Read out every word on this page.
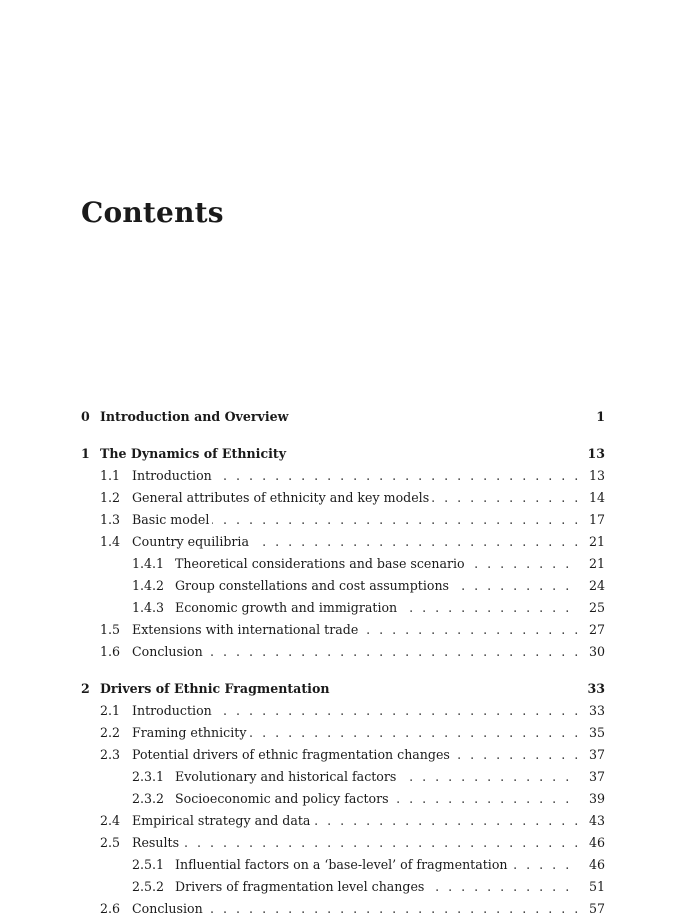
Contents
0 Introduction and Overview	1
1 The Dynamics of Ethnicity	13
. . .
1.1 Introduction	13
. . .
1.2 General attributes of ethnicity and key models	14
. . .
1.3 Basic model	17
. . .
1.4 Country equilibria	21
. . .
1.4.1 Theoretical considerations and base scenario	21
. . .
1.4.2 Group constellations and cost assumptions	24
. . .
1.4.3 Economic growth and immigration	25
. . .
1.5 Extensions with international trade	27
. . .
1.6 Conclusion	30
2 Drivers of Ethnic Fragmentation	33
. . .
2.1 Introduction	33
. . .
2.2 Framing ethnicity	35
. . .
2.3 Potential drivers of ethnic fragmentation changes	37
. . .
2.3.1 Evolutionary and historical factors	37
. . .
2.3.2 Socioeconomic and policy factors	39
. . .
2.4 Empirical strategy and data	43
. . .
2.5 Results	46
. . .
2.5.1 Influential factors on a ‘base-level’ of fragmentation	46
. . .
2.5.2 Drivers of fragmentation level changes	51
. . .
2.6 Conclusion	57
